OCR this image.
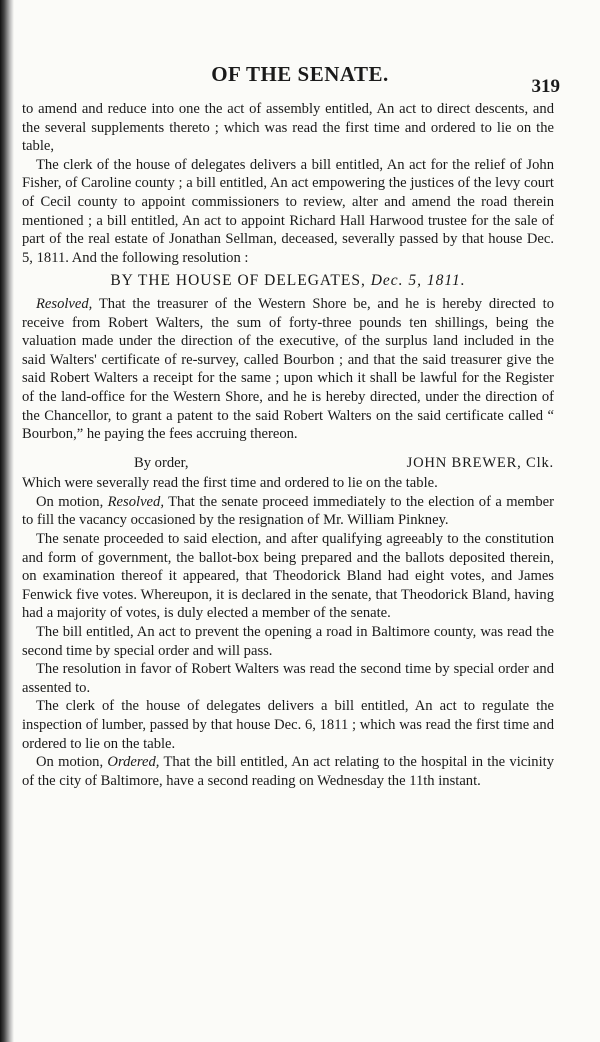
OF THE SENATE.
319

to amend and reduce into one the act of assembly entitled, An act to direct descents, and the several supplements thereto ; which was read the first time and ordered to lie on the table,

The clerk of the house of delegates delivers a bill entitled, An act for the relief of John Fisher, of Caroline county ; a bill entitled, An act empowering the justices of the levy court of Cecil county to appoint commissioners to review, alter and amend the road therein mentioned ; a bill entitled, An act to appoint Richard Hall Harwood trustee for the sale of part of the real estate of Jonathan Sellman, deceased, severally passed by that house Dec. 5, 1811. And the following resolution :

BY THE HOUSE OF DELEGATES, Dec. 5, 1811.

Resolved, That the treasurer of the Western Shore be, and he is hereby directed to receive from Robert Walters, the sum of forty-three pounds ten shillings, being the valuation made under the direction of the executive, of the surplus land included in the said Walters' certificate of re-survey, called Bourbon ; and that the said treasurer give the said Robert Walters a receipt for the same ; upon which it shall be lawful for the Register of the land-office for the Western Shore, and he is hereby directed, under the direction of the Chancellor, to grant a patent to the said Robert Walters on the said certificate called “ Bourbon,” he paying the fees accruing thereon.

By order,	JOHN BREWER, Clk.

Which were severally read the first time and ordered to lie on the table.

On motion, Resolved, That the senate proceed immediately to the election of a member to fill the vacancy occasioned by the resignation of Mr. William Pinkney.

The senate proceeded to said election, and after qualifying agreeably to the constitution and form of government, the ballot-box being prepared and the ballots deposited therein, on examination thereof it appeared, that Theodorick Bland had eight votes, and James Fenwick five votes. Whereupon, it is declared in the senate, that Theodorick Bland, having had a majority of votes, is duly elected a member of the senate.

The bill entitled, An act to prevent the opening a road in Baltimore county, was read the second time by special order and will pass.

The resolution in favor of Robert Walters was read the second time by special order and assented to.

The clerk of the house of delegates delivers a bill entitled, An act to regulate the inspection of lumber, passed by that house Dec. 6, 1811 ; which was read the first time and ordered to lie on the table.

On motion, Ordered, That the bill entitled, An act relating to the hospital in the vicinity of the city of Baltimore, have a second reading on Wednesday the 11th instant.
